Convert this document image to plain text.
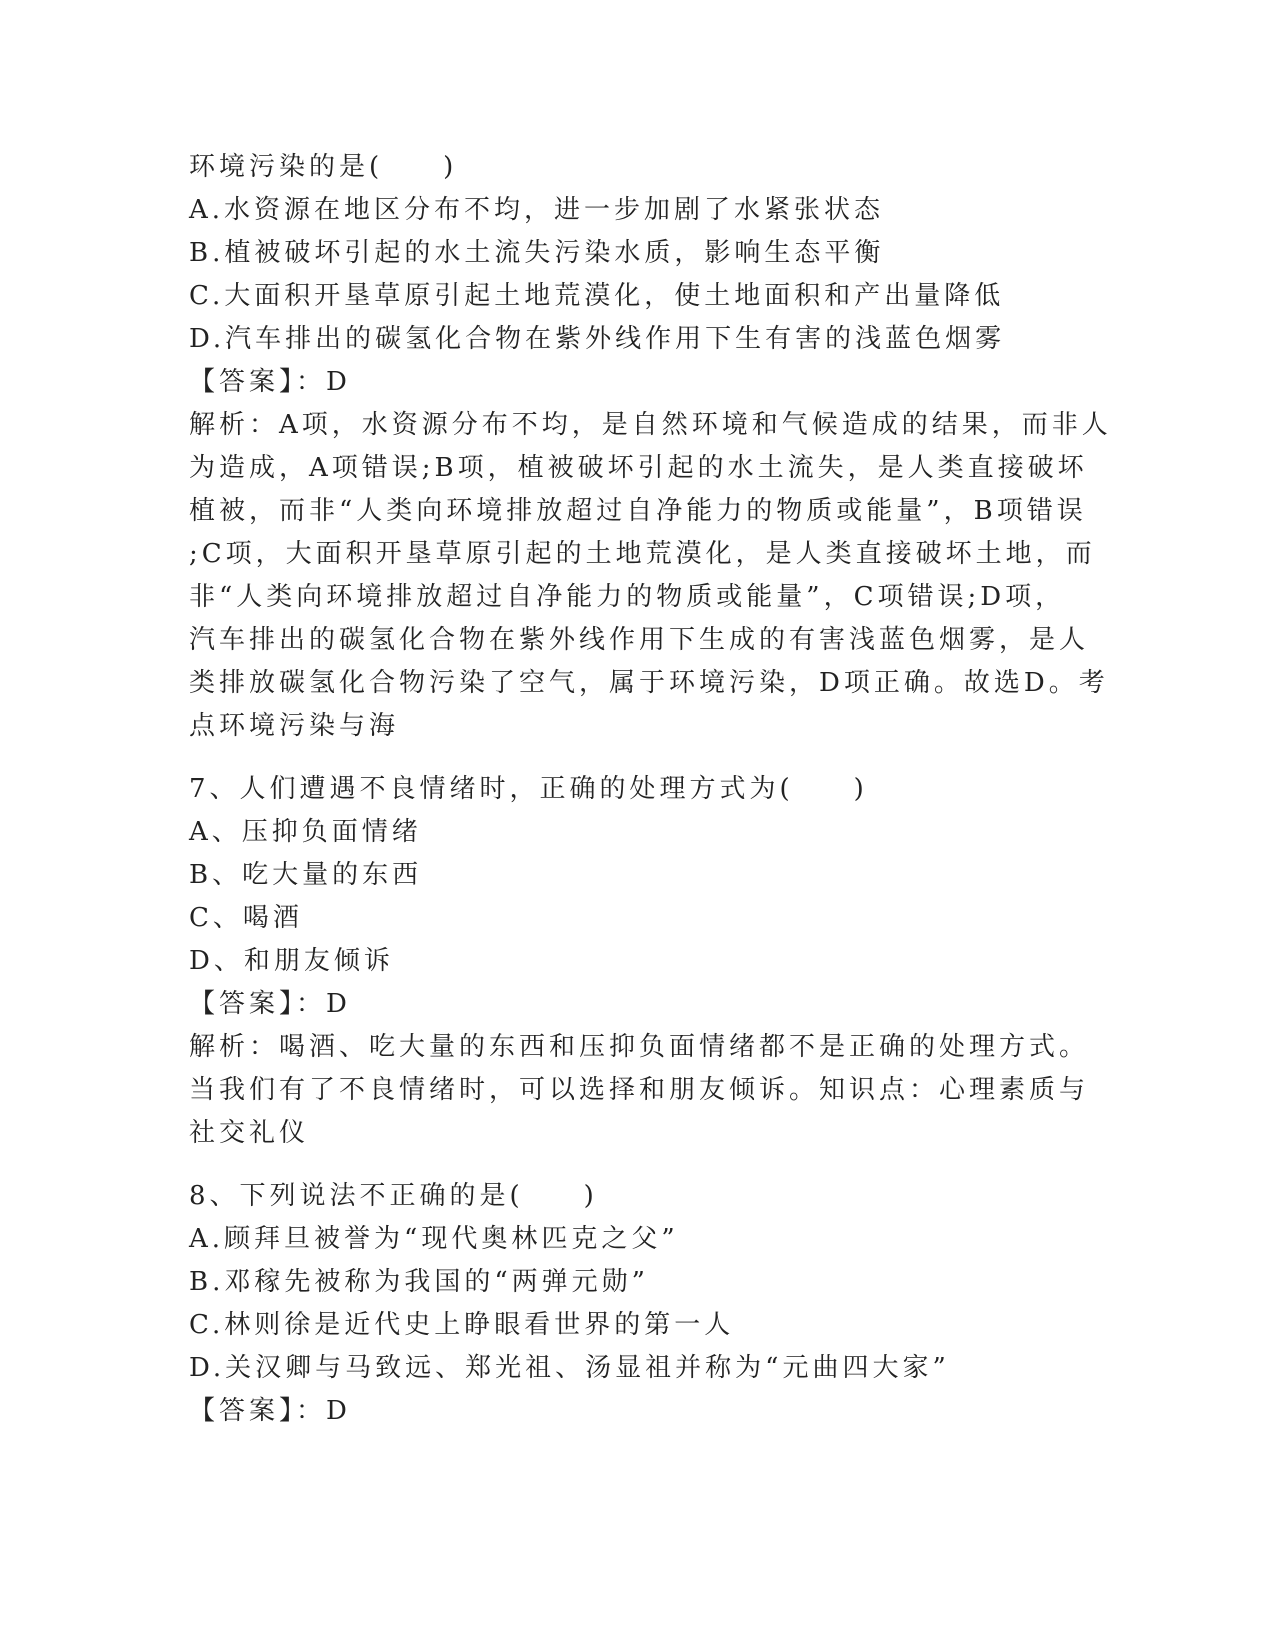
环境污染的是(　　)
A.水资源在地区分布不均，进一步加剧了水紧张状态
B.植被破坏引起的水土流失污染水质，影响生态平衡
C.大面积开垦草原引起土地荒漠化，使土地面积和产出量降低
D.汽车排出的碳氢化合物在紫外线作用下生有害的浅蓝色烟雾
【答案】：D
解析：A项，水资源分布不均，是自然环境和气候造成的结果，而非人
为造成，A项错误;B项，植被破坏引起的水土流失，是人类直接破坏
植被，而非“人类向环境排放超过自净能力的物质或能量”，B项错误
;C项，大面积开垦草原引起的土地荒漠化，是人类直接破坏土地，而
非“人类向环境排放超过自净能力的物质或能量”，C项错误;D项，
汽车排出的碳氢化合物在紫外线作用下生成的有害浅蓝色烟雾，是人
类排放碳氢化合物污染了空气，属于环境污染，D项正确。故选D。考
点环境污染与海
7、人们遭遇不良情绪时，正确的处理方式为(　　)
A、压抑负面情绪
B、吃大量的东西
C、喝酒
D、和朋友倾诉
【答案】：D
解析：喝酒、吃大量的东西和压抑负面情绪都不是正确的处理方式。
当我们有了不良情绪时，可以选择和朋友倾诉。知识点：心理素质与
社交礼仪
8、下列说法不正确的是(　　)
A.顾拜旦被誉为“现代奥林匹克之父”
B.邓稼先被称为我国的“两弹元勋”
C.林则徐是近代史上睁眼看世界的第一人
D.关汉卿与马致远、郑光祖、汤显祖并称为“元曲四大家”
【答案】：D
